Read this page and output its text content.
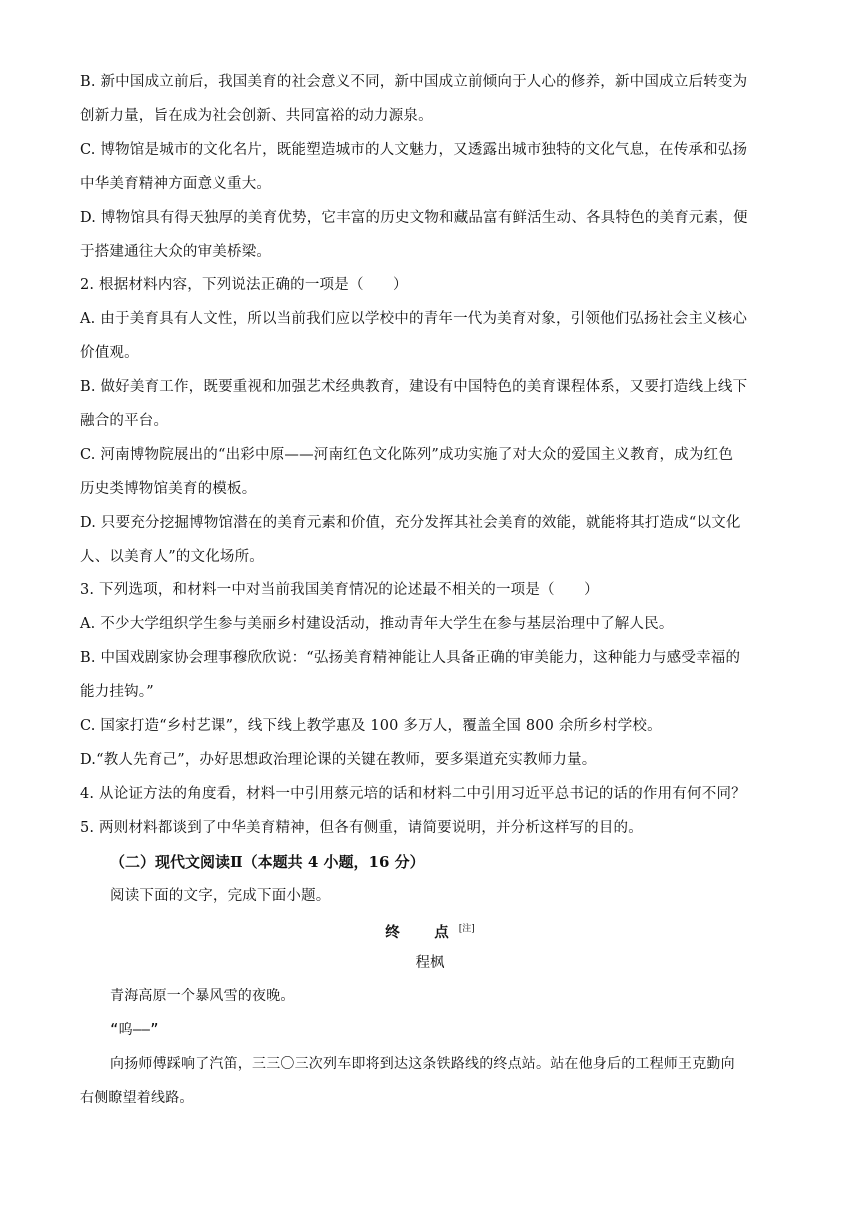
B. 新中国成立前后，我国美育的社会意义不同，新中国成立前倾向于人心的修养，新中国成立后转变为
创新力量，旨在成为社会创新、共同富裕的动力源泉。
C. 博物馆是城市的文化名片，既能塑造城市的人文魅力，又透露出城市独特的文化气息，在传承和弘扬
中华美育精神方面意义重大。
D. 博物馆具有得天独厚的美育优势，它丰富的历史文物和藏品富有鲜活生动、各具特色的美育元素，便
于搭建通往大众的审美桥梁。
2. 根据材料内容，下列说法正确的一项是（　　）
A. 由于美育具有人文性，所以当前我们应以学校中的青年一代为美育对象，引领他们弘扬社会主义核心
价值观。
B. 做好美育工作，既要重视和加强艺术经典教育，建设有中国特色的美育课程体系，又要打造线上线下
融合的平台。
C. 河南博物院展出的“出彩中原——河南红色文化陈列”成功实施了对大众的爱国主义教育，成为红色
历史类博物馆美育的模板。
D. 只要充分挖掘博物馆潜在的美育元素和价值，充分发挥其社会美育的效能，就能将其打造成“以文化
人、以美育人”的文化场所。
3. 下列选项，和材料一中对当前我国美育情况的论述最不相关的一项是（　　）
A. 不少大学组织学生参与美丽乡村建设活动，推动青年大学生在参与基层治理中了解人民。
B. 中国戏剧家协会理事穆欣欣说：“弘扬美育精神能让人具备正确的审美能力，这种能力与感受幸福的
能力挂钩。”
C. 国家打造“乡村艺课”，线下线上教学惠及 100 多万人，覆盖全国 800 余所乡村学校。
D.“教人先育己”，办好思想政治理论课的关键在教师，要多渠道充实教师力量。
4. 从论证方法的角度看，材料一中引用蔡元培的话和材料二中引用习近平总书记的话的作用有何不同？
5. 两则材料都谈到了中华美育精神，但各有侧重，请简要说明，并分析这样写的目的。
（二）现代文阅读Ⅱ（本题共 4 小题，16 分）
阅读下面的文字，完成下面小题。
终　点[注]
程枫
青海高原一个暴风雪的夜晚。
“呜——”
向扬师傅踩响了汽笛，三三〇三次列车即将到达这条铁路线的终点站。站在他身后的工程师王克勤向
右侧瞭望着线路。
